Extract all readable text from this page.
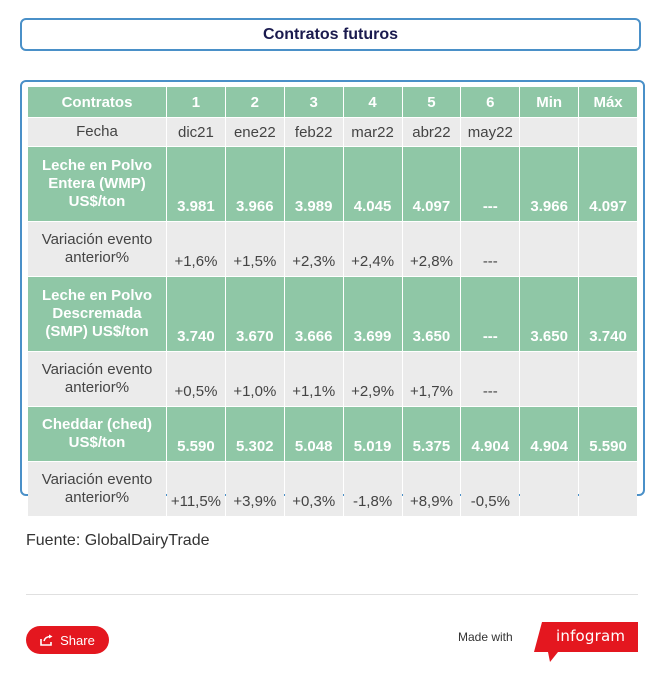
Contratos futuros
Contratos	1	2	3	4	5	6	Min	Máx
Fecha	dic21	ene22	feb22	mar22	abr22	may22		

Leche en Polvo
Entera (WMP)
US$/ton	3.981	3.966	3.989	4.045	4.097	---	3.966	4.097

Variación evento
anterior%	+1,6%	+1,5%	+2,3%	+2,4%	+2,8%	---		

Leche en Polvo
Descremada
(SMP) US$/ton	3.740	3.670	3.666	3.699	3.650	---	3.650	3.740

Variación evento
anterior%	+0,5%	+1,0%	+1,1%	+2,9%	+1,7%	---		

Cheddar (ched)
US$/ton	5.590	5.302	5.048	5.019	5.375	4.904	4.904	5.590

Variación evento
anterior%	+11,5%	+3,9%	+0,3%	-1,8%	+8,9%	-0,5%		
Fuente: GlobalDairyTrade
Share	Made with	infogram
